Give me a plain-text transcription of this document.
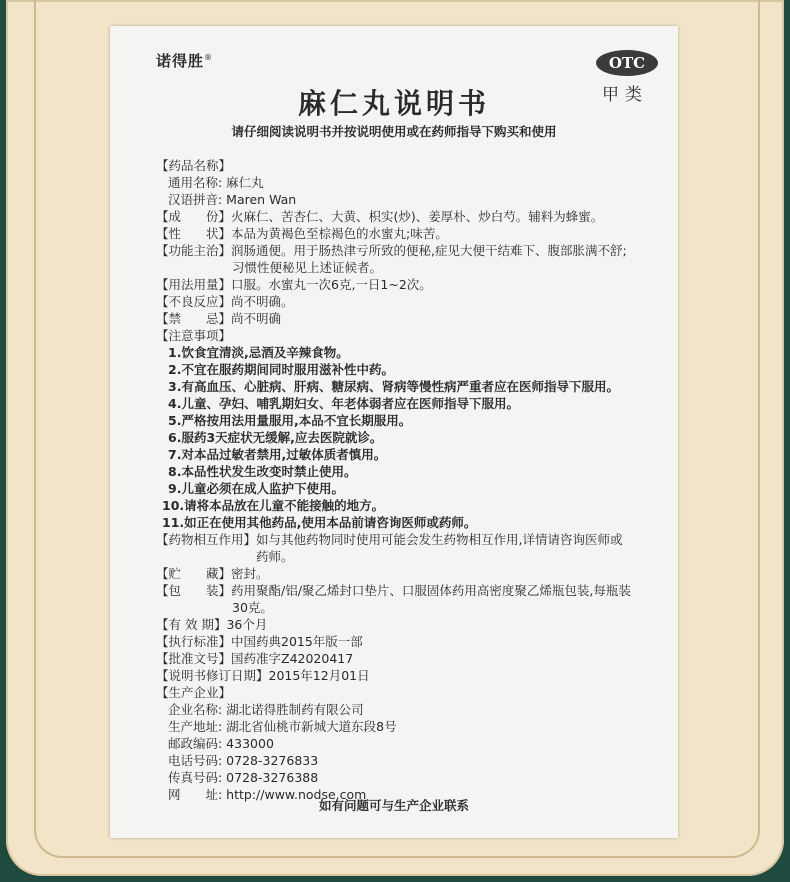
诺得胜®	OTC
甲类
麻仁丸说明书
请仔细阅读说明书并按说明使用或在药师指导下购买和使用
【药品名称】
通用名称: 麻仁丸
汉语拼音: Maren Wan
【成　　份】火麻仁、苦杏仁、大黄、枳实(炒)、姜厚朴、炒白芍。辅料为蜂蜜。
【性　　状】本品为黄褐色至棕褐色的水蜜丸;味苦。
【功能主治】润肠通便。用于肠热津亏所致的便秘,症见大便干结难下、腹部胀满不舒;
习惯性便秘见上述证候者。
【用法用量】口服。水蜜丸一次6克,一日1~2次。
【不良反应】尚不明确。
【禁　　忌】尚不明确
【注意事项】
1.饮食宜清淡,忌酒及辛辣食物。
2.不宜在服药期间同时服用滋补性中药。
3.有高血压、心脏病、肝病、糖尿病、肾病等慢性病严重者应在医师指导下服用。
4.儿童、孕妇、哺乳期妇女、年老体弱者应在医师指导下服用。
5.严格按用法用量服用,本品不宜长期服用。
6.服药3天症状无缓解,应去医院就诊。
7.对本品过敏者禁用,过敏体质者慎用。
8.本品性状发生改变时禁止使用。
9.儿童必须在成人监护下使用。
10.请将本品放在儿童不能接触的地方。
11.如正在使用其他药品,使用本品前请咨询医师或药师。
【药物相互作用】如与其他药物同时使用可能会发生药物相互作用,详情请咨询医师或
药师。
【贮　　藏】密封。
【包　　装】药用聚酯/铝/聚乙烯封口垫片、口服固体药用高密度聚乙烯瓶包装,每瓶装
30克。
【有 效 期】36个月
【执行标准】中国药典2015年版一部
【批准文号】国药准字Z42020417
【说明书修订日期】2015年12月01日
【生产企业】
企业名称: 湖北诺得胜制药有限公司
生产地址: 湖北省仙桃市新城大道东段8号
邮政编码: 433000
电话号码: 0728-3276833
传真号码: 0728-3276388
网　　址: http://www.nodse.com
如有问题可与生产企业联系
